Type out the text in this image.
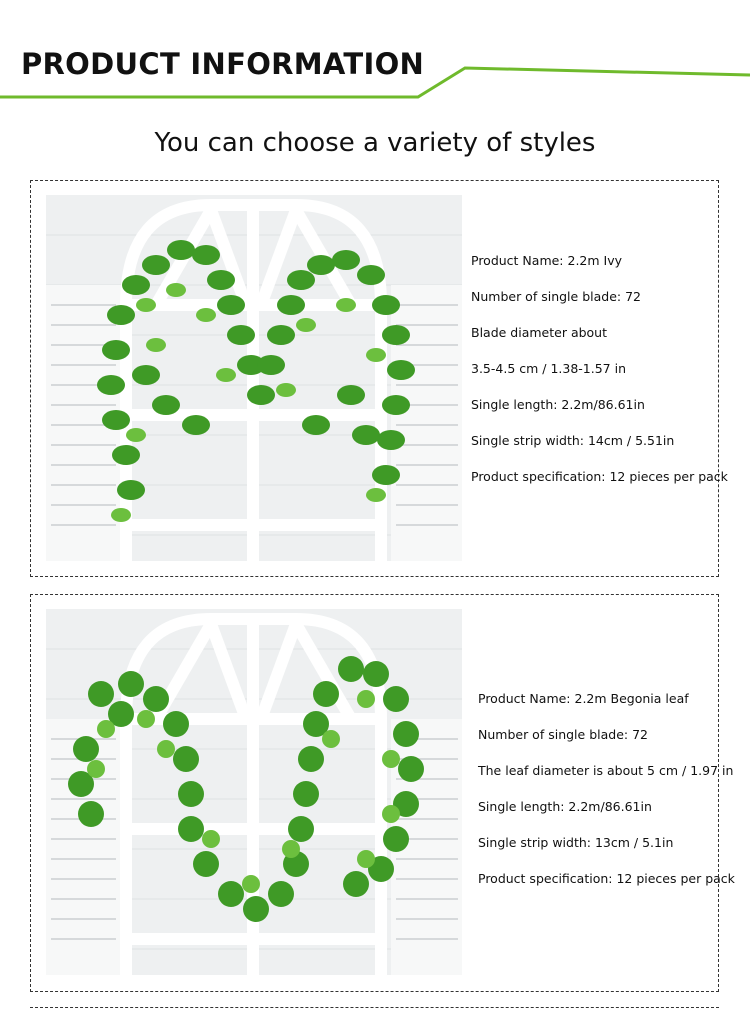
PRODUCT INFORMATION
You can choose a variety of styles
Product Name: 2.2m Ivy
Number of single blade: 72
Blade diameter about
3.5-4.5 cm / 1.38-1.57 in
Single length: 2.2m/86.61in
Single strip width: 14cm / 5.51in
Product specification: 12 pieces per pack
Product Name: 2.2m Begonia leaf
Number of single blade: 72
The leaf diameter is about 5 cm / 1.97 in
Single length: 2.2m/86.61in
Single strip width: 13cm / 5.1in
Product specification: 12 pieces per pack
